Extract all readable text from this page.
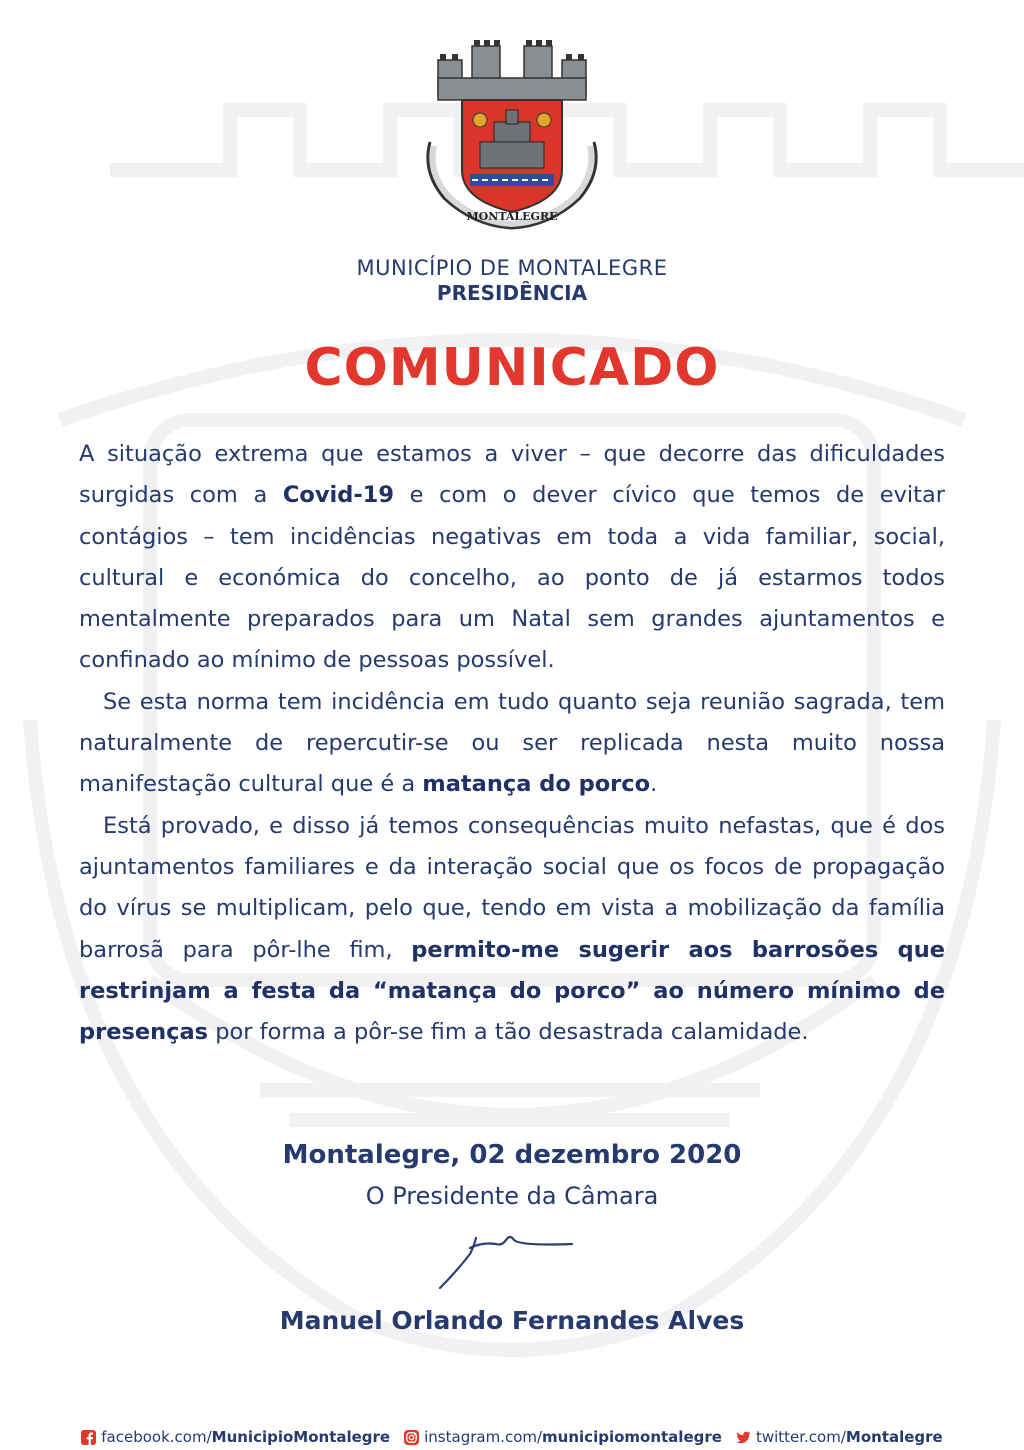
MONTALEGRE
MUNICÍPIO DE MONTALEGRE
PRESIDÊNCIA
COMUNICADO

A situação extrema que estamos a viver – que decorre das dificuldades surgidas com a Covid-19 e com o dever cívico que temos de evitar contágios – tem incidências negativas em toda a vida familiar, social, cultural e económica do concelho, ao ponto de já estarmos todos mentalmente preparados para um Natal sem grandes ajuntamentos e confinado ao mínimo de pessoas possível.

Se esta norma tem incidência em tudo quanto seja reunião sagrada, tem naturalmente de repercutir-se ou ser replicada nesta muito nossa manifestação cultural que é a matança do porco.

Está provado, e disso já temos consequências muito nefastas, que é dos ajuntamentos familiares e da interação social que os focos de propagação do vírus se multiplicam, pelo que, tendo em vista a mobilização da família barrosã para pôr-lhe fim, permito-me sugerir aos barrosões que restrinjam a festa da “matança do porco” ao número mínimo de presenças por forma a pôr-se fim a tão desastrada calamidade.

Montalegre, 02 dezembro 2020
O Presidente da Câmara
Manuel Orlando Fernandes Alves
facebook.com/MunicipioMontalegre instagram.com/municipiomontalegre twitter.com/Montalegre
